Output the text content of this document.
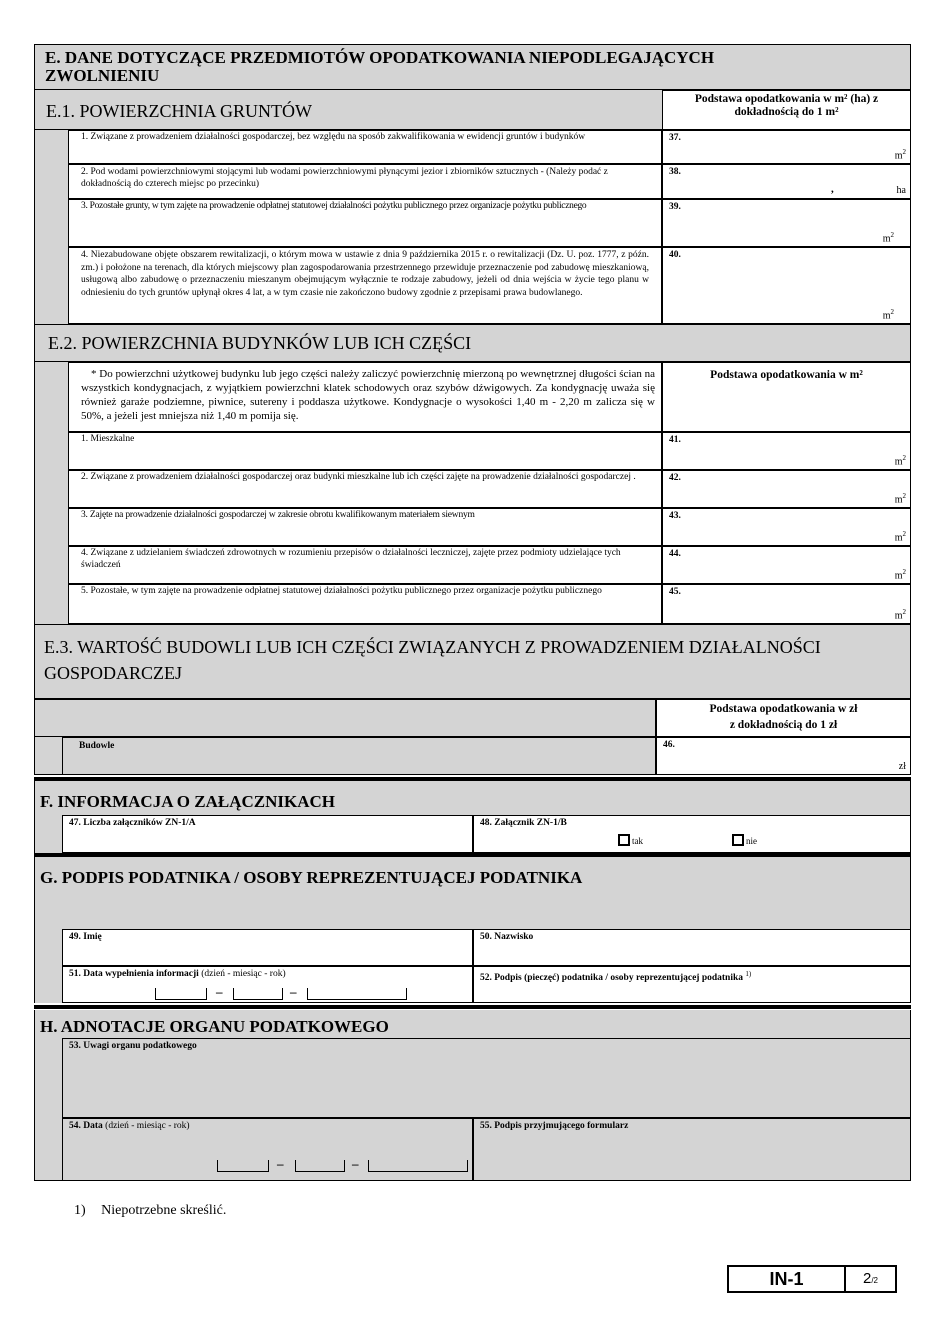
E. DANE DOTYCZĄCE PRZEDMIOTÓW OPODATKOWANIA NIEPODLEGAJĄCYCH ZWOLNIENIU
E.1. POWIERZCHNIA GRUNTÓW
Podstawa opodatkowania w m² (ha) z dokładnością do 1 m²
1. Związane z prowadzeniem działalności gospodarczej, bez względu na sposób zakwalifikowania w ewidencji gruntów i budynków	37.
$m^2$
2. Pod wodami powierzchniowymi stojącymi lub wodami powierzchniowymi płynącymi jezior i zbiorników sztucznych - (Należy podać z dokładnością do czterech miejsc po przecinku)
38.
,	ha
3. Pozostałe grunty, w tym zajęte na prowadzenie odpłatnej statutowej działalności pożytku publicznego przez organizacje pożytku publicznego	39.
$m^2$
4. Niezabudowane objęte obszarem rewitalizacji, o którym mowa w ustawie z dnia 9 października 2015 r. o rewitalizacji (Dz. U. poz. 1777, z późn. zm.) i położone na terenach, dla których miejscowy plan zagospodarowania przestrzennego przewiduje przeznaczenie pod zabudowę mieszkaniową, usługową albo zabudowę o przeznaczeniu mieszanym obejmującym wyłącznie te rodzaje zabudowy, jeżeli od dnia wejścia w życie tego planu w odniesieniu do tych gruntów upłynął okres 4 lat, a w tym czasie nie zakończono budowy zgodnie z przepisami prawa budowlanego.
40.
$m^2$
E.2. POWIERZCHNIA BUDYNKÓW LUB ICH CZĘŚCI
* Do powierzchni użytkowej budynku lub jego części należy zaliczyć powierzchnię mierzoną po wewnętrznej długości ścian na wszystkich kondygnacjach, z wyjątkiem powierzchni klatek schodowych oraz szybów dźwigowych. Za kondygnację uważa się również garaże podziemne, piwnice, sutereny i poddasza użytkowe. Kondygnacje o wysokości 1,40 m - 2,20 m zalicza się w 50%, a jeżeli jest mniejsza niż 1,40 m pomija się.
Podstawa opodatkowania w m²
1. Mieszkalne	41.
$m^2$
2. Związane z prowadzeniem działalności gospodarczej oraz budynki mieszkalne lub ich części zajęte na prowadzenie działalności gospodarczej .	42.
$m^2$
3. Zajęte na prowadzenie działalności gospodarczej w zakresie obrotu kwalifikowanym materiałem siewnym	43.
$m^2$
4. Związane z udzielaniem świadczeń zdrowotnych w rozumieniu przepisów o działalności leczniczej, zajęte przez podmioty udzielające tych świadczeń
44.
$m^2$
5. Pozostałe, w tym zajęte na prowadzenie odpłatnej statutowej działalności pożytku publicznego przez organizacje pożytku publicznego	45.
$m^2$
E.3. WARTOŚĆ BUDOWLI LUB ICH CZĘŚCI ZWIĄZANYCH Z PROWADZENIEM DZIAŁALNOŚCI GOSPODARCZEJ
Podstawa opodatkowania w zł
z dokładnością do 1 zł
Budowle	46.
zł
F. INFORMACJA O ZAŁĄCZNIKACH
47. Liczba załączników ZN-1/A	48. Załącznik ZN-1/B
tak	nie
G. PODPIS PODATNIKA / OSOBY REPREZENTUJĄCEJ PODATNIKA
49. Imię	50. Nazwisko
51. Data wypełnienia informacji (dzień - miesiąc - rok)
–	–
52. Podpis (pieczęć) podatnika / osoby reprezentującej podatnika $^{1)}$
H. ADNOTACJE ORGANU PODATKOWEGO
53. Uwagi organu podatkowego
54. Data (dzień - miesiąc - rok)
–	–
55. Podpis przyjmującego formularz
1) Niepotrzebne skreślić.
IN-1	2/2
